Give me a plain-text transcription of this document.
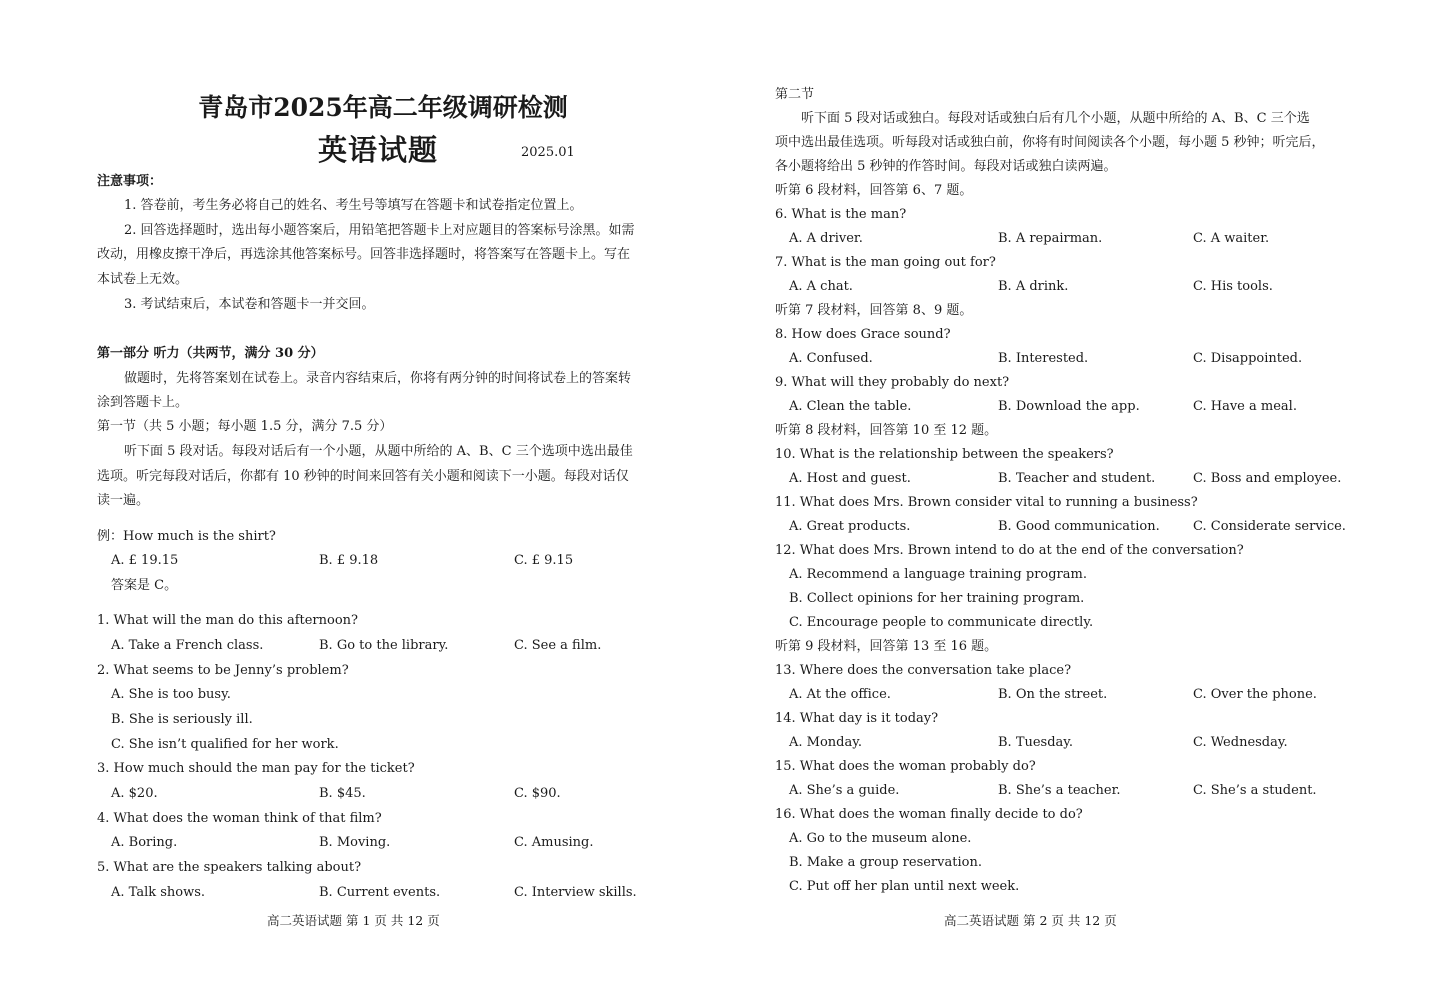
青岛市2025年高二年级调研检测
英语试题	2025.01
注意事项：
1. 答卷前，考生务必将自己的姓名、考生号等填写在答题卡和试卷指定位置上。
2. 回答选择题时，选出每小题答案后，用铅笔把答题卡上对应题目的答案标号涂黑。如需
改动，用橡皮擦干净后，再选涂其他答案标号。回答非选择题时，将答案写在答题卡上。写在
本试卷上无效。
3. 考试结束后，本试卷和答题卡一并交回。
第一部分 听力（共两节，满分 30 分）
做题时，先将答案划在试卷上。录音内容结束后，你将有两分钟的时间将试卷上的答案转
涂到答题卡上。
第一节（共 5 小题；每小题 1.5 分，满分 7.5 分）
听下面 5 段对话。每段对话后有一个小题，从题中所给的 A、B、C 三个选项中选出最佳
选项。听完每段对话后，你都有 10 秒钟的时间来回答有关小题和阅读下一小题。每段对话仅
读一遍。
例：How much is the shirt?
A. £ 19.15	B. £ 9.18	C. £ 9.15
答案是 C。
1. What will the man do this afternoon?
A. Take a French class.	B. Go to the library.	C. See a film.
2. What seems to be Jenny’s problem?
A. She is too busy.
B. She is seriously ill.
C. She isn’t qualified for her work.
3. How much should the man pay for the ticket?
A. $20.	B. $45.	C. $90.
4. What does the woman think of that film?
A. Boring.	B. Moving.	C. Amusing.
5. What are the speakers talking about?
A. Talk shows.	B. Current events.	C. Interview skills.
高二英语试题 第 1 页 共 12 页
第二节
听下面 5 段对话或独白。每段对话或独白后有几个小题，从题中所给的 A、B、C 三个选
项中选出最佳选项。听每段对话或独白前，你将有时间阅读各个小题，每小题 5 秒钟；听完后，
各小题将给出 5 秒钟的作答时间。每段对话或独白读两遍。
听第 6 段材料，回答第 6、7 题。
6. What is the man?
A. A driver.	B. A repairman.	C. A waiter.
7. What is the man going out for?
A. A chat.	B. A drink.	C. His tools.
听第 7 段材料，回答第 8、9 题。
8. How does Grace sound?
A. Confused.	B. Interested.	C. Disappointed.
9. What will they probably do next?
A. Clean the table.	B. Download the app.	C. Have a meal.
听第 8 段材料，回答第 10 至 12 题。
10. What is the relationship between the speakers?
A. Host and guest.	B. Teacher and student.	C. Boss and employee.
11. What does Mrs. Brown consider vital to running a business?
A. Great products.	B. Good communication.	C. Considerate service.
12. What does Mrs. Brown intend to do at the end of the conversation?
A. Recommend a language training program.
B. Collect opinions for her training program.
C. Encourage people to communicate directly.
听第 9 段材料，回答第 13 至 16 题。
13. Where does the conversation take place?
A. At the office.	B. On the street.	C. Over the phone.
14. What day is it today?
A. Monday.	B. Tuesday.	C. Wednesday.
15. What does the woman probably do?
A. She’s a guide.	B. She’s a teacher.	C. She’s a student.
16. What does the woman finally decide to do?
A. Go to the museum alone.
B. Make a group reservation.
C. Put off her plan until next week.
高二英语试题 第 2 页 共 12 页
